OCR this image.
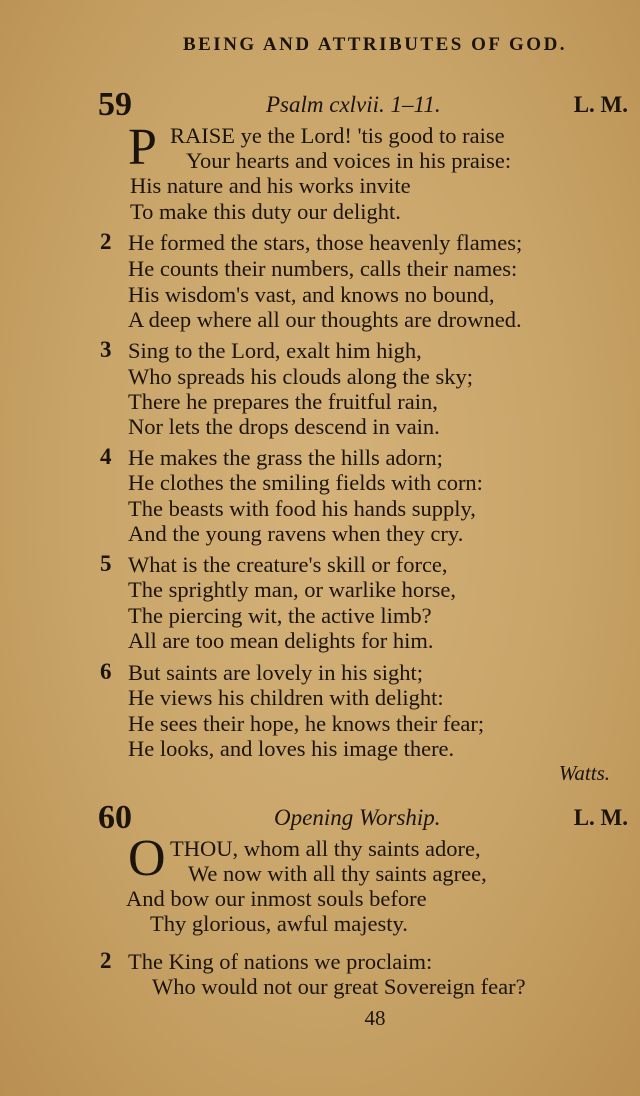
BEING AND ATTRIBUTES OF GOD.
59	Psalm cxlvii. 1–11.	L. M.
P RAISE ye the Lord! 'tis good to raise
Your hearts and voices in his praise:
His nature and his works invite
To make this duty our delight.
2 He formed the stars, those heavenly flames;
He counts their numbers, calls their names:
His wisdom's vast, and knows no bound,
A deep where all our thoughts are drowned.
3 Sing to the Lord, exalt him high,
Who spreads his clouds along the sky;
There he prepares the fruitful rain,
Nor lets the drops descend in vain.
4 He makes the grass the hills adorn;
He clothes the smiling fields with corn:
The beasts with food his hands supply,
And the young ravens when they cry.
5 What is the creature's skill or force,
The sprightly man, or warlike horse,
The piercing wit, the active limb?
All are too mean delights for him.
6 But saints are lovely in his sight;
He views his children with delight:
He sees their hope, he knows their fear;
He looks, and loves his image there.
Watts.
60	Opening Worship.	L. M.
O THOU, whom all thy saints adore,
We now with all thy saints agree,
And bow our inmost souls before
Thy glorious, awful majesty.
2 The King of nations we proclaim:
Who would not our great Sovereign fear?
48
